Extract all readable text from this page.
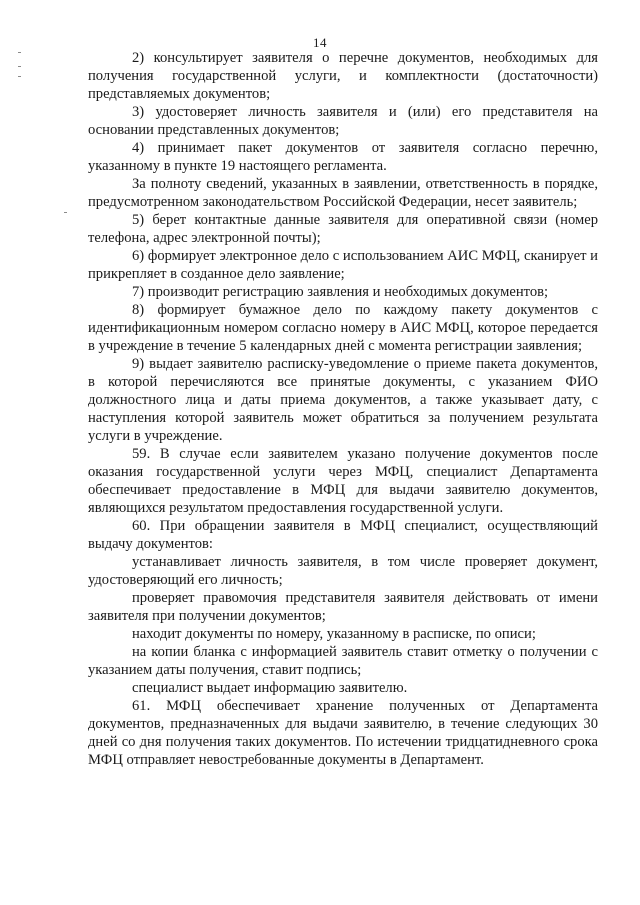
14

2) консультирует заявителя о перечне документов, необходимых для получения государственной услуги, и комплектности (достаточности) представляемых документов;

3) удостоверяет личность заявителя и (или) его представителя на основании представленных документов;

4) принимает пакет документов от заявителя согласно перечню, указанному в пункте 19 настоящего регламента.

За полноту сведений, указанных в заявлении, ответственность в порядке, предусмотренном законодательством Российской Федерации, несет заявитель;

5) берет контактные данные заявителя для оперативной связи (номер телефона, адрес электронной почты);

6) формирует электронное дело с использованием АИС МФЦ, сканирует и прикрепляет в созданное дело заявление;

7) производит регистрацию заявления и необходимых документов;

8) формирует бумажное дело по каждому пакету документов с идентификационным номером согласно номеру в АИС МФЦ, которое передается в учреждение в течение 5 календарных дней с момента регистрации заявления;

9) выдает заявителю расписку-уведомление о приеме пакета документов, в которой перечисляются все принятые документы, с указанием ФИО должностного лица и даты приема документов, а также указывает дату, с наступления которой заявитель может обратиться за получением результата услуги в учреждение.

59. В случае если заявителем указано получение документов после оказания государственной услуги через МФЦ, специалист Департамента обеспечивает предоставление в МФЦ для выдачи заявителю документов, являющихся результатом предоставления государственной услуги.

60. При обращении заявителя в МФЦ специалист, осуществляющий выдачу документов:

устанавливает личность заявителя, в том числе проверяет документ, удостоверяющий его личность;

проверяет правомочия представителя заявителя действовать от имени заявителя при получении документов;

находит документы по номеру, указанному в расписке, по описи;

на копии бланка с информацией заявитель ставит отметку о получении с указанием даты получения, ставит подпись;

специалист выдает информацию заявителю.

61. МФЦ обеспечивает хранение полученных от Департамента документов, предназначенных для выдачи заявителю, в течение следующих 30 дней со дня получения таких документов. По истечении тридцатидневного срока МФЦ отправляет невостребованные документы в Департамент.
